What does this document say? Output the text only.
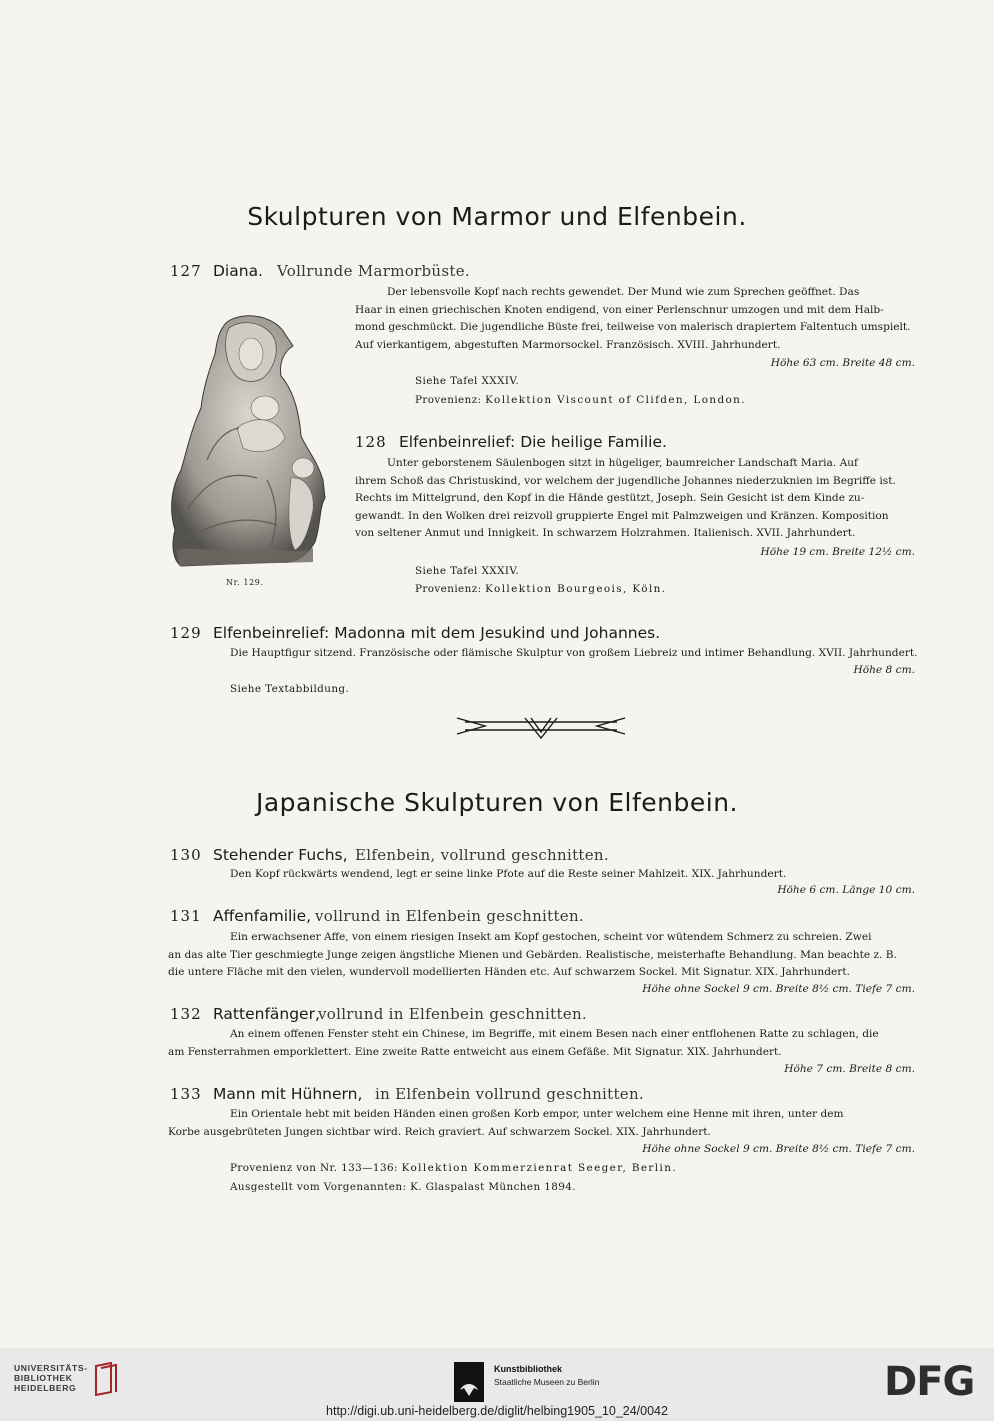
Skulpturen von Marmor und Elfenbein.
127 Diana. Vollrunde Marmorbüste.
Der lebensvolle Kopf nach rechts gewendet. Der Mund wie zum Sprechen geöffnet. Das
Haar in einen griechischen Knoten endigend, von einer Perlenschnur umzogen und mit dem Halb-
mond geschmückt. Die jugendliche Büste frei, teilweise von malerisch drapiertem Faltentuch umspielt.
Auf vierkantigem, abgestuften Marmorsockel. Französisch. XVIII. Jahrhundert.
Höhe 63 cm. Breite 48 cm.
Siehe Tafel XXXIV.
Provenienz: Kollektion Viscount of Clifden, London.
Nr. 129.
128 Elfenbeinrelief: Die heilige Familie.
Unter geborstenem Säulenbogen sitzt in hügeliger, baumreicher Landschaft Maria. Auf
ihrem Schoß das Christuskind, vor welchem der jugendliche Johannes niederzuknien im Begriffe ist.
Rechts im Mittelgrund, den Kopf in die Hände gestützt, Joseph. Sein Gesicht ist dem Kinde zu-
gewandt. In den Wolken drei reizvoll gruppierte Engel mit Palmzweigen und Kränzen. Komposition
von seltener Anmut und Innigkeit. In schwarzem Holzrahmen. Italienisch. XVII. Jahrhundert.
Höhe 19 cm. Breite 12½ cm.
Siehe Tafel XXXIV.
Provenienz: Kollektion Bourgeois, Köln.
129 Elfenbeinrelief: Madonna mit dem Jesukind und Johannes.
Die Hauptfigur sitzend. Französische oder flämische Skulptur von großem Liebreiz und intimer Behandlung. XVII. Jahrhundert.
Höhe 8 cm.
Siehe Textabbildung.
Japanische Skulpturen von Elfenbein.
130 Stehender Fuchs, Elfenbein, vollrund geschnitten.
Den Kopf rückwärts wendend, legt er seine linke Pfote auf die Reste seiner Mahlzeit. XIX. Jahrhundert.
Höhe 6 cm. Länge 10 cm.
131 Affenfamilie, vollrund in Elfenbein geschnitten.
Ein erwachsener Affe, von einem riesigen Insekt am Kopf gestochen, scheint vor wütendem Schmerz zu schreien. Zwei
an das alte Tier geschmiegte Junge zeigen ängstliche Mienen und Gebärden. Realistische, meisterhafte Behandlung. Man beachte z. B.
die untere Fläche mit den vielen, wundervoll modellierten Händen etc. Auf schwarzem Sockel. Mit Signatur. XIX. Jahrhundert.
Höhe ohne Sockel 9 cm. Breite 8½ cm. Tiefe 7 cm.
132 Rattenfänger,
vollrund in Elfenbein geschnitten.
An einem offenen Fenster steht ein Chinese, im Begriffe, mit einem Besen nach einer entflohenen Ratte zu schlagen, die
am Fensterrahmen emporklettert. Eine zweite Ratte entweicht aus einem Gefäße. Mit Signatur. XIX. Jahrhundert.
Höhe 7 cm. Breite 8 cm.
133 Mann mit Hühnern, in Elfenbein vollrund geschnitten.
Ein Orientale hebt mit beiden Händen einen großen Korb empor, unter welchem eine Henne mit ihren, unter dem
Korbe ausgebrüteten Jungen sichtbar wird. Reich graviert. Auf schwarzem Sockel. XIX. Jahrhundert.
Höhe ohne Sockel 9 cm. Breite 8½ cm. Tiefe 7 cm.
Provenienz von Nr. 133—136: Kollektion Kommerzienrat Seeger, Berlin.
Ausgestellt vom Vorgenannten: K. Glaspalast München 1894.
UNIVERSITÄTS-
BIBLIOTHEK
HEIDELBERG
Kunstbibliothek
Staatliche Museen zu Berlin	DFG
http://digi.ub.uni-heidelberg.de/diglit/helbing1905_10_24/0042
